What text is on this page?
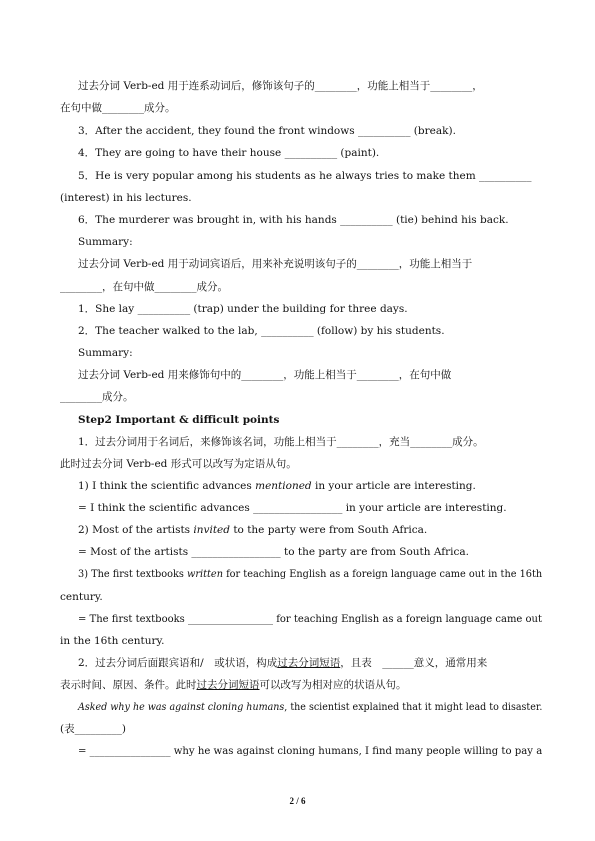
过去分词 Verb-ed 用于连系动词后，修饰该句子的________，功能上相当于________，
在句中做________成分。
3．After the accident, they found the front windows __________ (break).
4．They are going to have their house __________ (paint).
5．He is very popular among his students as he always tries to make them __________
(interest) in his lectures.
6．The murderer was brought in, with his hands __________ (tie) behind his back.
Summary:
过去分词 Verb-ed 用于动词宾语后，用来补充说明该句子的________，功能上相当于
________，在句中做________成分。
1．She lay __________ (trap) under the building for three days.
2．The teacher walked to the lab, __________ (follow) by his students.
Summary:
过去分词 Verb-ed 用来修饰句中的________，功能上相当于________，在句中做
________成分。
Step2 Important & difficult points
1．过去分词用于名词后，来修饰该名词，功能上相当于________，充当________成分。
此时过去分词 Verb-ed 形式可以改写为定语从句。
1) I think the scientific advances mentioned in your article are interesting.
= I think the scientific advances _________________ in your article are interesting.
2) Most of the artists invited to the party were from South Africa.
= Most of the artists _________________ to the party are from South Africa.
3) The first textbooks written for teaching English as a foreign language came out in the 16th
century.
= The first textbooks _________________ for teaching English as a foreign language came out
in the 16th century.
2．过去分词后面跟宾语和/　或状语，构成过去分词短语，且表　______意义，通常用来
表示时间、原因、条件。此时过去分词短语可以改写为相对应的状语从句。
Asked why he was against cloning humans, the scientist explained that it might lead to disaster.
(表_________)
= ________________ why he was against cloning humans, I find many people willing to pay a
2 / 6
